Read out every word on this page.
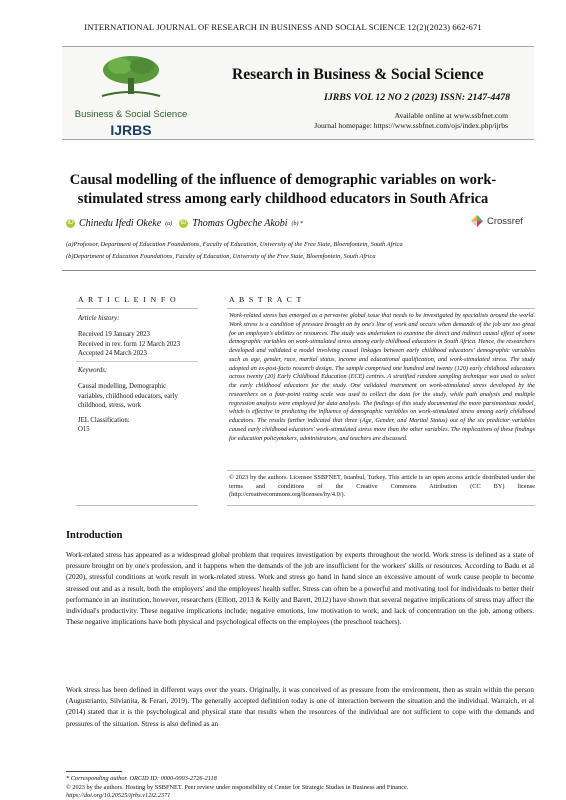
INTERNATIONAL JOURNAL OF RESEARCH IN BUSINESS AND SOCIAL SCIENCE 12(2)(2023) 662-671
Business & Social Science
IJRBS
Research in Business & Social Science
IJRBS VOL 12 NO 2 (2023) ISSN: 2147-4478
Available online at www.ssbfnet.com
Journal homepage: https://www.ssbfnet.com/ojs/index.php/ijrbs
Causal modelling of the influence of demographic variables on work-
stimulated stress among early childhood educators in South Africa
iD Chinedu Ifedi Okeke (a) iD Thomas Ogbeche Akobi (b) *	Crossref
(a)Professor, Department of Education Foundations, Faculty of Education, University of the Free State, Bloemfontein, South Africa
(b)Department of Education Foundations, Faculty of Education, University of the Free State, Bloemfontein, South Africa
A R T I C L E I N F O	A B S T R A C T
Article history:
Received 19 January 2023
Received in rev. form 12 March 2023
Accepted 24 March 2023
Keywords:
Causal modelling, Demographic
variables, childhood educators, early
childhood, stress, work
JEL Classification:
O15
Work-related stress has emerged as a pervasive global issue that needs to be investigated by specialists around the world. Work stress is a condition of pressure brought on by one's line of work and occurs when demands of the job are too great for an employee's abilities or resources. The study was undertaken to examine the direct and indirect causal effect of some demographic variables on work-stimulated stress among early childhood educators in South Africa. Hence, the researchers developed and validated a model involving causal linkages between early childhood educators' demographic variables such as age, gender, race, marital status, income and educational qualification, and work-stimulated stress. The study adopted an ex-post-facto research design. The sample comprised one hundred and twenty (120) early childhood educators across twenty (20) Early Childhood Education (ECE) centres. A stratified random sampling technique was used to select the early childhood educators for the study. One validated instrument on work-stimulated stress developed by the researchers on a four-point rating scale was used to collect the data for the study, while path analysis and multiple regression analysis were employed for data analysis. The findings of this study documented the more parsimonious model, which is effective in predicting the influence of demographic variables on work-stimulated stress among early childhood educators. The results further indicated that three (Age, Gender, and Marital Status) out of the six predictor variables caused early childhood educators' work-stimulated stress more than the other variables. The implications of these findings for education policymakers, administrators, and teachers are discussed.
© 2023 by the authors. Licensee SSBFNET, Istanbul, Turkey. This article is an open access article distributed under the terms and conditions of the Creative Commons Attribution (CC BY) license (http://creativecommons.org/licenses/by/4.0/).
Introduction
Work-related stress has appeared as a widespread global problem that requires investigation by experts throughout the world. Work stress is defined as a state of pressure brought on by one's profession, and it happens when the demands of the job are insufficient for the workers' skills or resources. According to Badu et al (2020), stressful conditions at work result in work-related stress. Work and stress go hand in hand since an excessive amount of work cause people to become stressed out and as a result, both the employers' and the employees' health suffer. Stress can often be a powerful and motivating tool for individuals to better their performance in an institution, however, researchers (Elliott, 2013 & Kelly and Barett, 2012) have shown that several negative implications of stress may affect the individual's productivity. These negative implications include; negative emotions, low motivation to work, and lack of concentration on the job, among others. These negative implications have both physical and psychological effects on the employees (the preschool teachers).
Work stress has been defined in different ways over the years. Originally, it was conceived of as pressure from the environment, then as strain within the person (Augustrianto, Silvianita, & Ferari, 2019). The generally accepted definition today is one of interaction between the situation and the individual. Warraich, et al (2014) stated that it is the psychological and physical state that results when the resources of the individual are not sufficient to cope with the demands and pressures of the situation. Stress is also defined as an
* Corresponding author. ORCID ID: 0000-0003-2726-2118
© 2023 by the authors. Hosting by SSBFNET. Peer review under responsibility of Center for Strategic Studies in Business and Finance.
https://doi.org/10.20525/ijrbs.v12i2.2371
